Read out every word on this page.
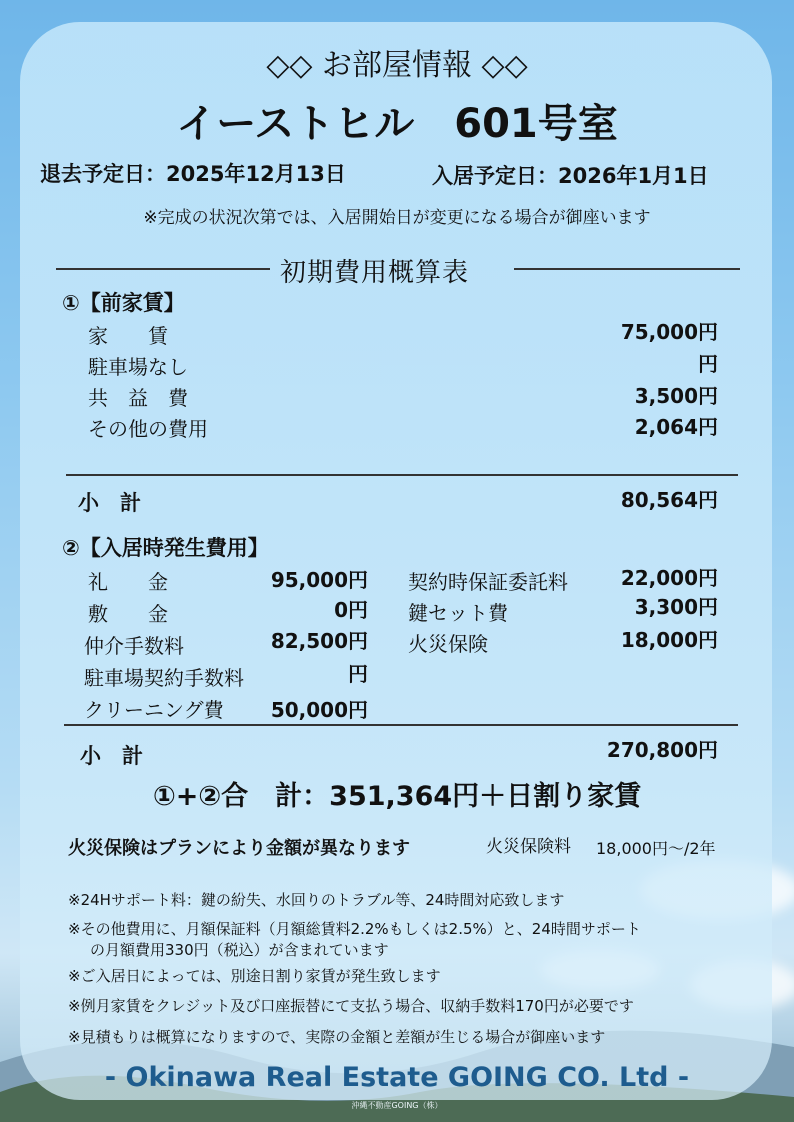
◇◇ お部屋情報 ◇◇
イーストヒル　601号室
退去予定日：2025年12月13日	入居予定日：2026年1月1日
※完成の状況次第では、入居開始日が変更になる場合が御座います
初期費用概算表
①【前家賃】
家　　賃	75,000円
駐車場なし	円
共　益　費	3,500円
その他の費用	2,064円
小　計	80,564円
②【入居時発生費用】
礼　　金	95,000円
敷　　金	0円
仲介手数料	82,500円
駐車場契約手数料	円
クリーニング費 50,000円
契約時保証委託料	22,000円
鍵セット費	3,300円
火災保険	18,000円
小　計	270,800円
①+②合　計：351,364円＋日割り家賃
火災保険はプランにより金額が異なります	火災保険料 18,000円～/2年
※24Hサポート料：鍵の紛失、水回りのトラブル等、24時間対応致します
※その他費用に、月額保証料（月額総賃料2.2%もしくは2.5%）と、24時間サポート
の月額費用330円（税込）が含まれています
※ご入居日によっては、別途日割り家賃が発生致します
※例月家賃をクレジット及び口座振替にて支払う場合、収納手数料170円が必要です
※見積もりは概算になりますので、実際の金額と差額が生じる場合が御座います
- Okinawa Real Estate GOING CO. Ltd -
沖縄不動産GOING（株）
